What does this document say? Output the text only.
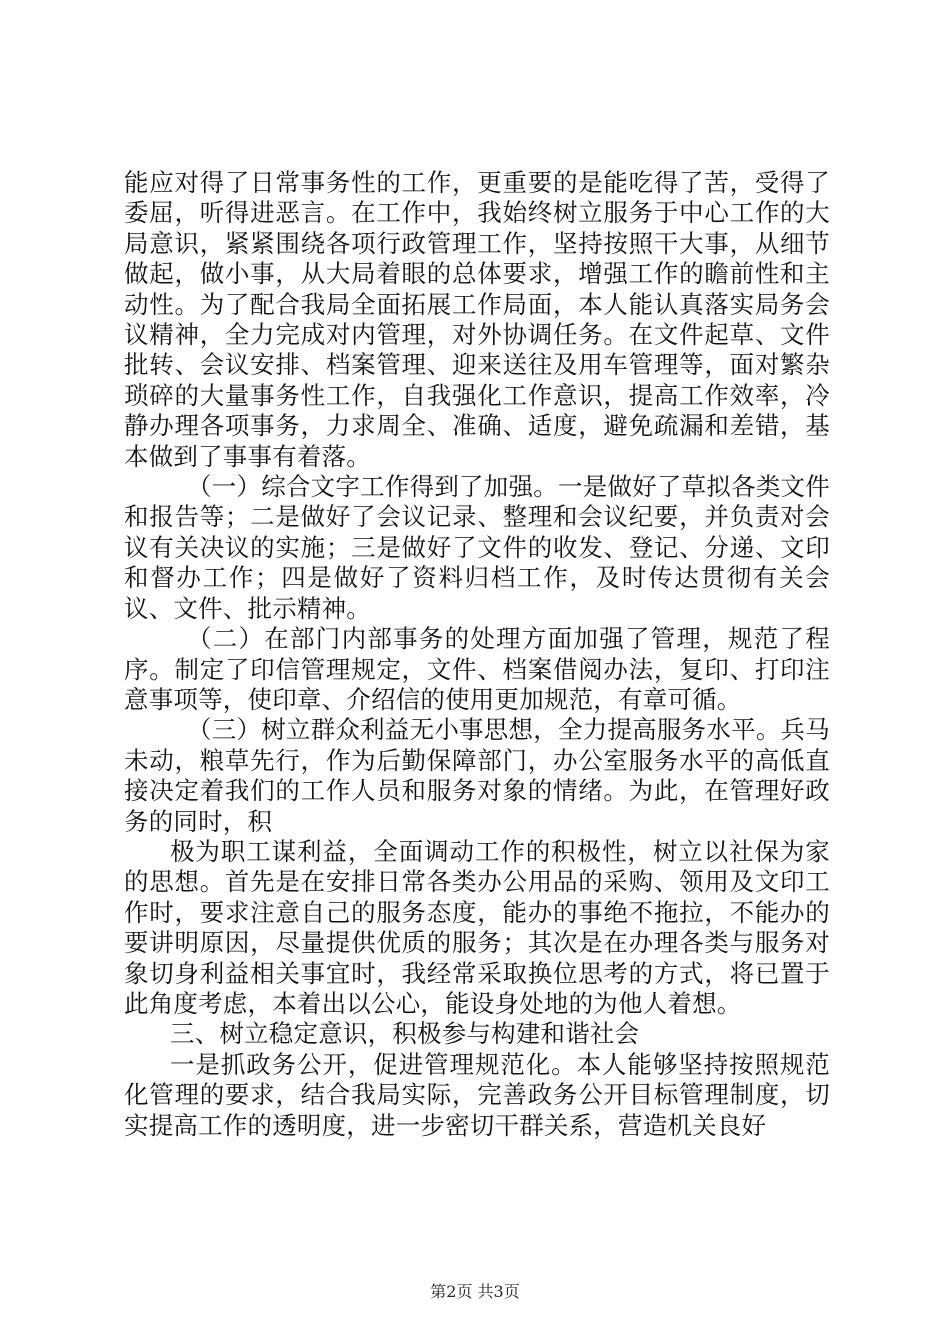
能应对得了日常事务性的工作，更重要的是能吃得了苦，受得了委屈，听得进恶言。在工作中，我始终树立服务于中心工作的大局意识，紧紧围绕各项行政管理工作，坚持按照干大事，从细节做起，做小事，从大局着眼的总体要求，增强工作的瞻前性和主动性。为了配合我局全面拓展工作局面，本人能认真落实局务会议精神，全力完成对内管理，对外协调任务。在文件起草、文件批转、会议安排、档案管理、迎来送往及用车管理等，面对繁杂琐碎的大量事务性工作，自我强化工作意识，提高工作效率，冷静办理各项事务，力求周全、准确、适度，避免疏漏和差错，基本做到了事事有着落。

（一）综合文字工作得到了加强。一是做好了草拟各类文件和报告等；二是做好了会议记录、整理和会议纪要，并负责对会议有关决议的实施；三是做好了文件的收发、登记、分递、文印和督办工作；四是做好了资料归档工作，及时传达贯彻有关会议、文件、批示精神。

（二）在部门内部事务的处理方面加强了管理，规范了程序。制定了印信管理规定，文件、档案借阅办法，复印、打印注意事项等，使印章、介绍信的使用更加规范，有章可循。

（三）树立群众利益无小事思想，全力提高服务水平。兵马未动，粮草先行，作为后勤保障部门，办公室服务水平的高低直接决定着我们的工作人员和服务对象的情绪。为此，在管理好政务的同时，积

极为职工谋利益，全面调动工作的积极性，树立以社保为家的思想。首先是在安排日常各类办公用品的采购、领用及文印工作时，要求注意自己的服务态度，能办的事绝不拖拉，不能办的要讲明原因，尽量提供优质的服务；其次是在办理各类与服务对象切身利益相关事宜时，我经常采取换位思考的方式，将已置于此角度考虑，本着出以公心，能设身处地的为他人着想。

三、树立稳定意识，积极参与构建和谐社会

一是抓政务公开，促进管理规范化。本人能够坚持按照规范化管理的要求，结合我局实际，完善政务公开目标管理制度，切实提高工作的透明度，进一步密切干群关系，营造机关良好

第2页 共3页
